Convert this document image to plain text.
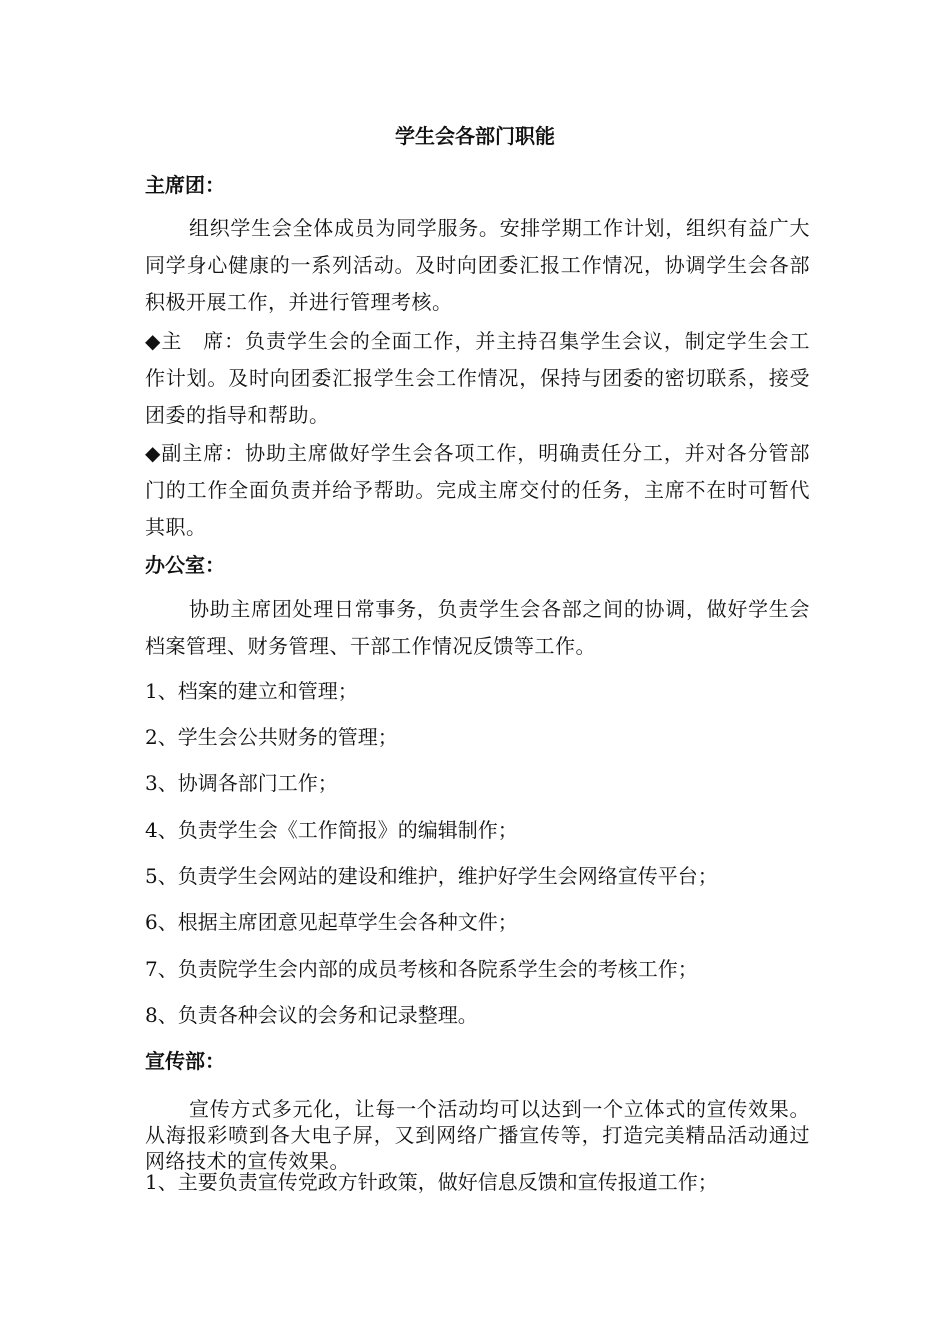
学生会各部门职能
主席团：
组织学生会全体成员为同学服务。安排学期工作计划，组织有益广大同学身心健康的一系列活动。及时向团委汇报工作情况，协调学生会各部积极开展工作，并进行管理考核。
◆主　席：负责学生会的全面工作，并主持召集学生会议，制定学生会工作计划。及时向团委汇报学生会工作情况，保持与团委的密切联系，接受团委的指导和帮助。
◆副主席：协助主席做好学生会各项工作，明确责任分工，并对各分管部门的工作全面负责并给予帮助。完成主席交付的任务，主席不在时可暂代其职。
办公室：
协助主席团处理日常事务，负责学生会各部之间的协调，做好学生会档案管理、财务管理、干部工作情况反馈等工作。
1、档案的建立和管理；
2、学生会公共财务的管理；
3、协调各部门工作；
4、负责学生会《工作简报》的编辑制作；
5、负责学生会网站的建设和维护，维护好学生会网络宣传平台；
6、根据主席团意见起草学生会各种文件；
7、负责院学生会内部的成员考核和各院系学生会的考核工作；
8、负责各种会议的会务和记录整理。
宣传部：
宣传方式多元化，让每一个活动均可以达到一个立体式的宣传效果。从海报彩喷到各大电子屏，又到网络广播宣传等，打造完美精品活动通过网络技术的宣传效果。
1、主要负责宣传党政方针政策，做好信息反馈和宣传报道工作；
